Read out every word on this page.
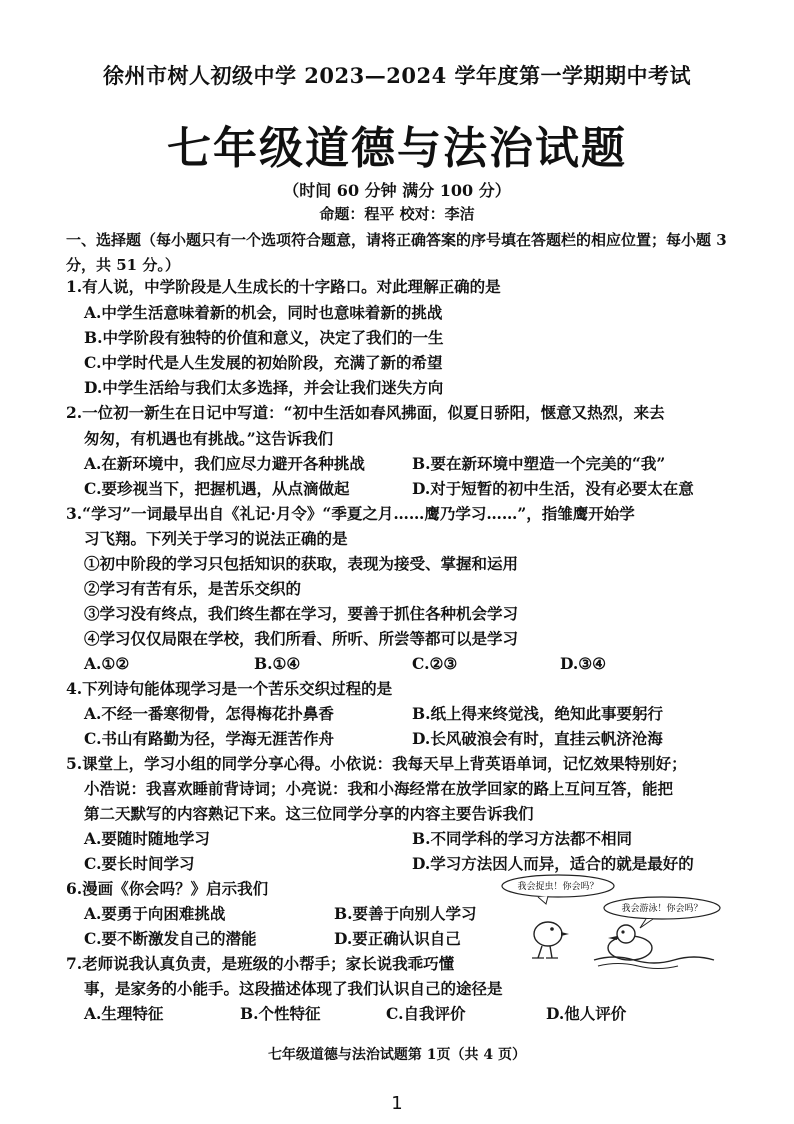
徐州市树人初级中学 2023—2024 学年度第一学期期中考试
七年级道德与法治试题
（时间 60 分钟 满分 100 分）
命题：程平 校对：李洁
一、选择题（每小题只有一个选项符合题意，请将正确答案的序号填在答题栏的相应位置；每小题 3 分，共 51 分。）
1.有人说，中学阶段是人生成长的十字路口。对此理解正确的是
A.中学生活意味着新的机会，同时也意味着新的挑战
B.中学阶段有独特的价值和意义，决定了我们的一生
C.中学时代是人生发展的初始阶段，充满了新的希望
D.中学生活给与我们太多选择，并会让我们迷失方向
2.一位初一新生在日记中写道：“初中生活如春风拂面，似夏日骄阳，惬意又热烈，来去
匆匆，有机遇也有挑战。”这告诉我们
A.在新环境中，我们应尽力避开各种挑战	B.要在新环境中塑造一个完美的“我”
C.要珍视当下，把握机遇，从点滴做起	D.对于短暂的初中生活，没有必要太在意
3.“学习”一词最早出自《礼记·月令》“季夏之月……鹰乃学习……”，指雏鹰开始学
习飞翔。下列关于学习的说法正确的是
①初中阶段的学习只包括知识的获取，表现为接受、掌握和运用
②学习有苦有乐，是苦乐交织的
③学习没有终点，我们终生都在学习，要善于抓住各种机会学习
④学习仅仅局限在学校，我们所看、所听、所尝等都可以是学习
A.①②	B.①④	C.②③	D.③④
4.下列诗句能体现学习是一个苦乐交织过程的是
A.不经一番寒彻骨，怎得梅花扑鼻香	B.纸上得来终觉浅，绝知此事要躬行
C.书山有路勤为径，学海无涯苦作舟	D.长风破浪会有时，直挂云帆济沧海
5.课堂上，学习小组的同学分享心得。小依说：我每天早上背英语单词，记忆效果特别好；
小浩说：我喜欢睡前背诗词；小亮说：我和小海经常在放学回家的路上互问互答，能把
第二天默写的内容熟记下来。这三位同学分享的内容主要告诉我们
A.要随时随地学习	B.不同学科的学习方法都不相同
C.要长时间学习	D.学习方法因人而异，适合的就是最好的
6.漫画《你会吗？》启示我们
A.要勇于向困难挑战	B.要善于向别人学习
C.要不断激发自己的潜能	D.要正确认识自己
我会捉虫！你会吗？
我会游泳！你会吗？
7.老师说我认真负责，是班级的小帮手；家长说我乖巧懂
事，是家务的小能手。这段描述体现了我们认识自己的途径是
A.生理特征	B.个性特征	C.自我评价	D.他人评价
七年级道德与法治试题第 1页（共 4 页）
1
